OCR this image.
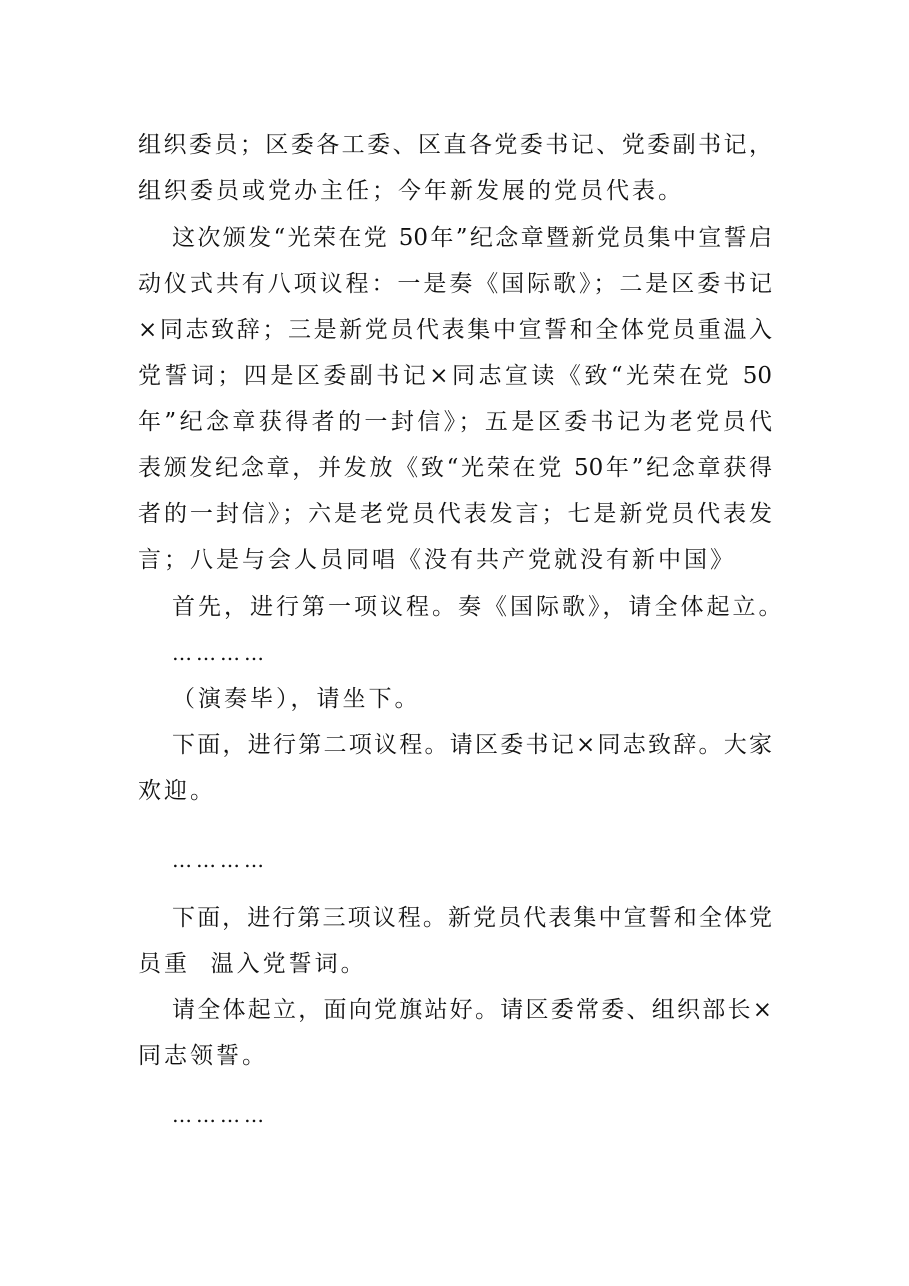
组织委员；区委各工委、区直各党委书记、党委副书记，
组织委员或党办主任；今年新发展的党员代表。
这次颁发“光荣在党 50年”纪念章暨新党员集中宣誓启
动仪式共有八项议程：一是奏《国际歌》；二是区委书记
×同志致辞；三是新党员代表集中宣誓和全体党员重温入
党誓词；四是区委副书记×同志宣读《致“光荣在党 50
年”纪念章获得者的一封信》；五是区委书记为老党员代
表颁发纪念章，并发放《致“光荣在党 50年”纪念章获得
者的一封信》；六是老党员代表发言；七是新党员代表发
言；八是与会人员同唱《没有共产党就没有新中国》
首先，进行第一项议程。奏《国际歌》，请全体起立。
…………
（演奏毕），请坐下。
下面，进行第二项议程。请区委书记×同志致辞。大家
欢迎。
…………
下面，进行第三项议程。新党员代表集中宣誓和全体党
员重  温入党誓词。
请全体起立，面向党旗站好。请区委常委、组织部长×
同志领誓。
…………
